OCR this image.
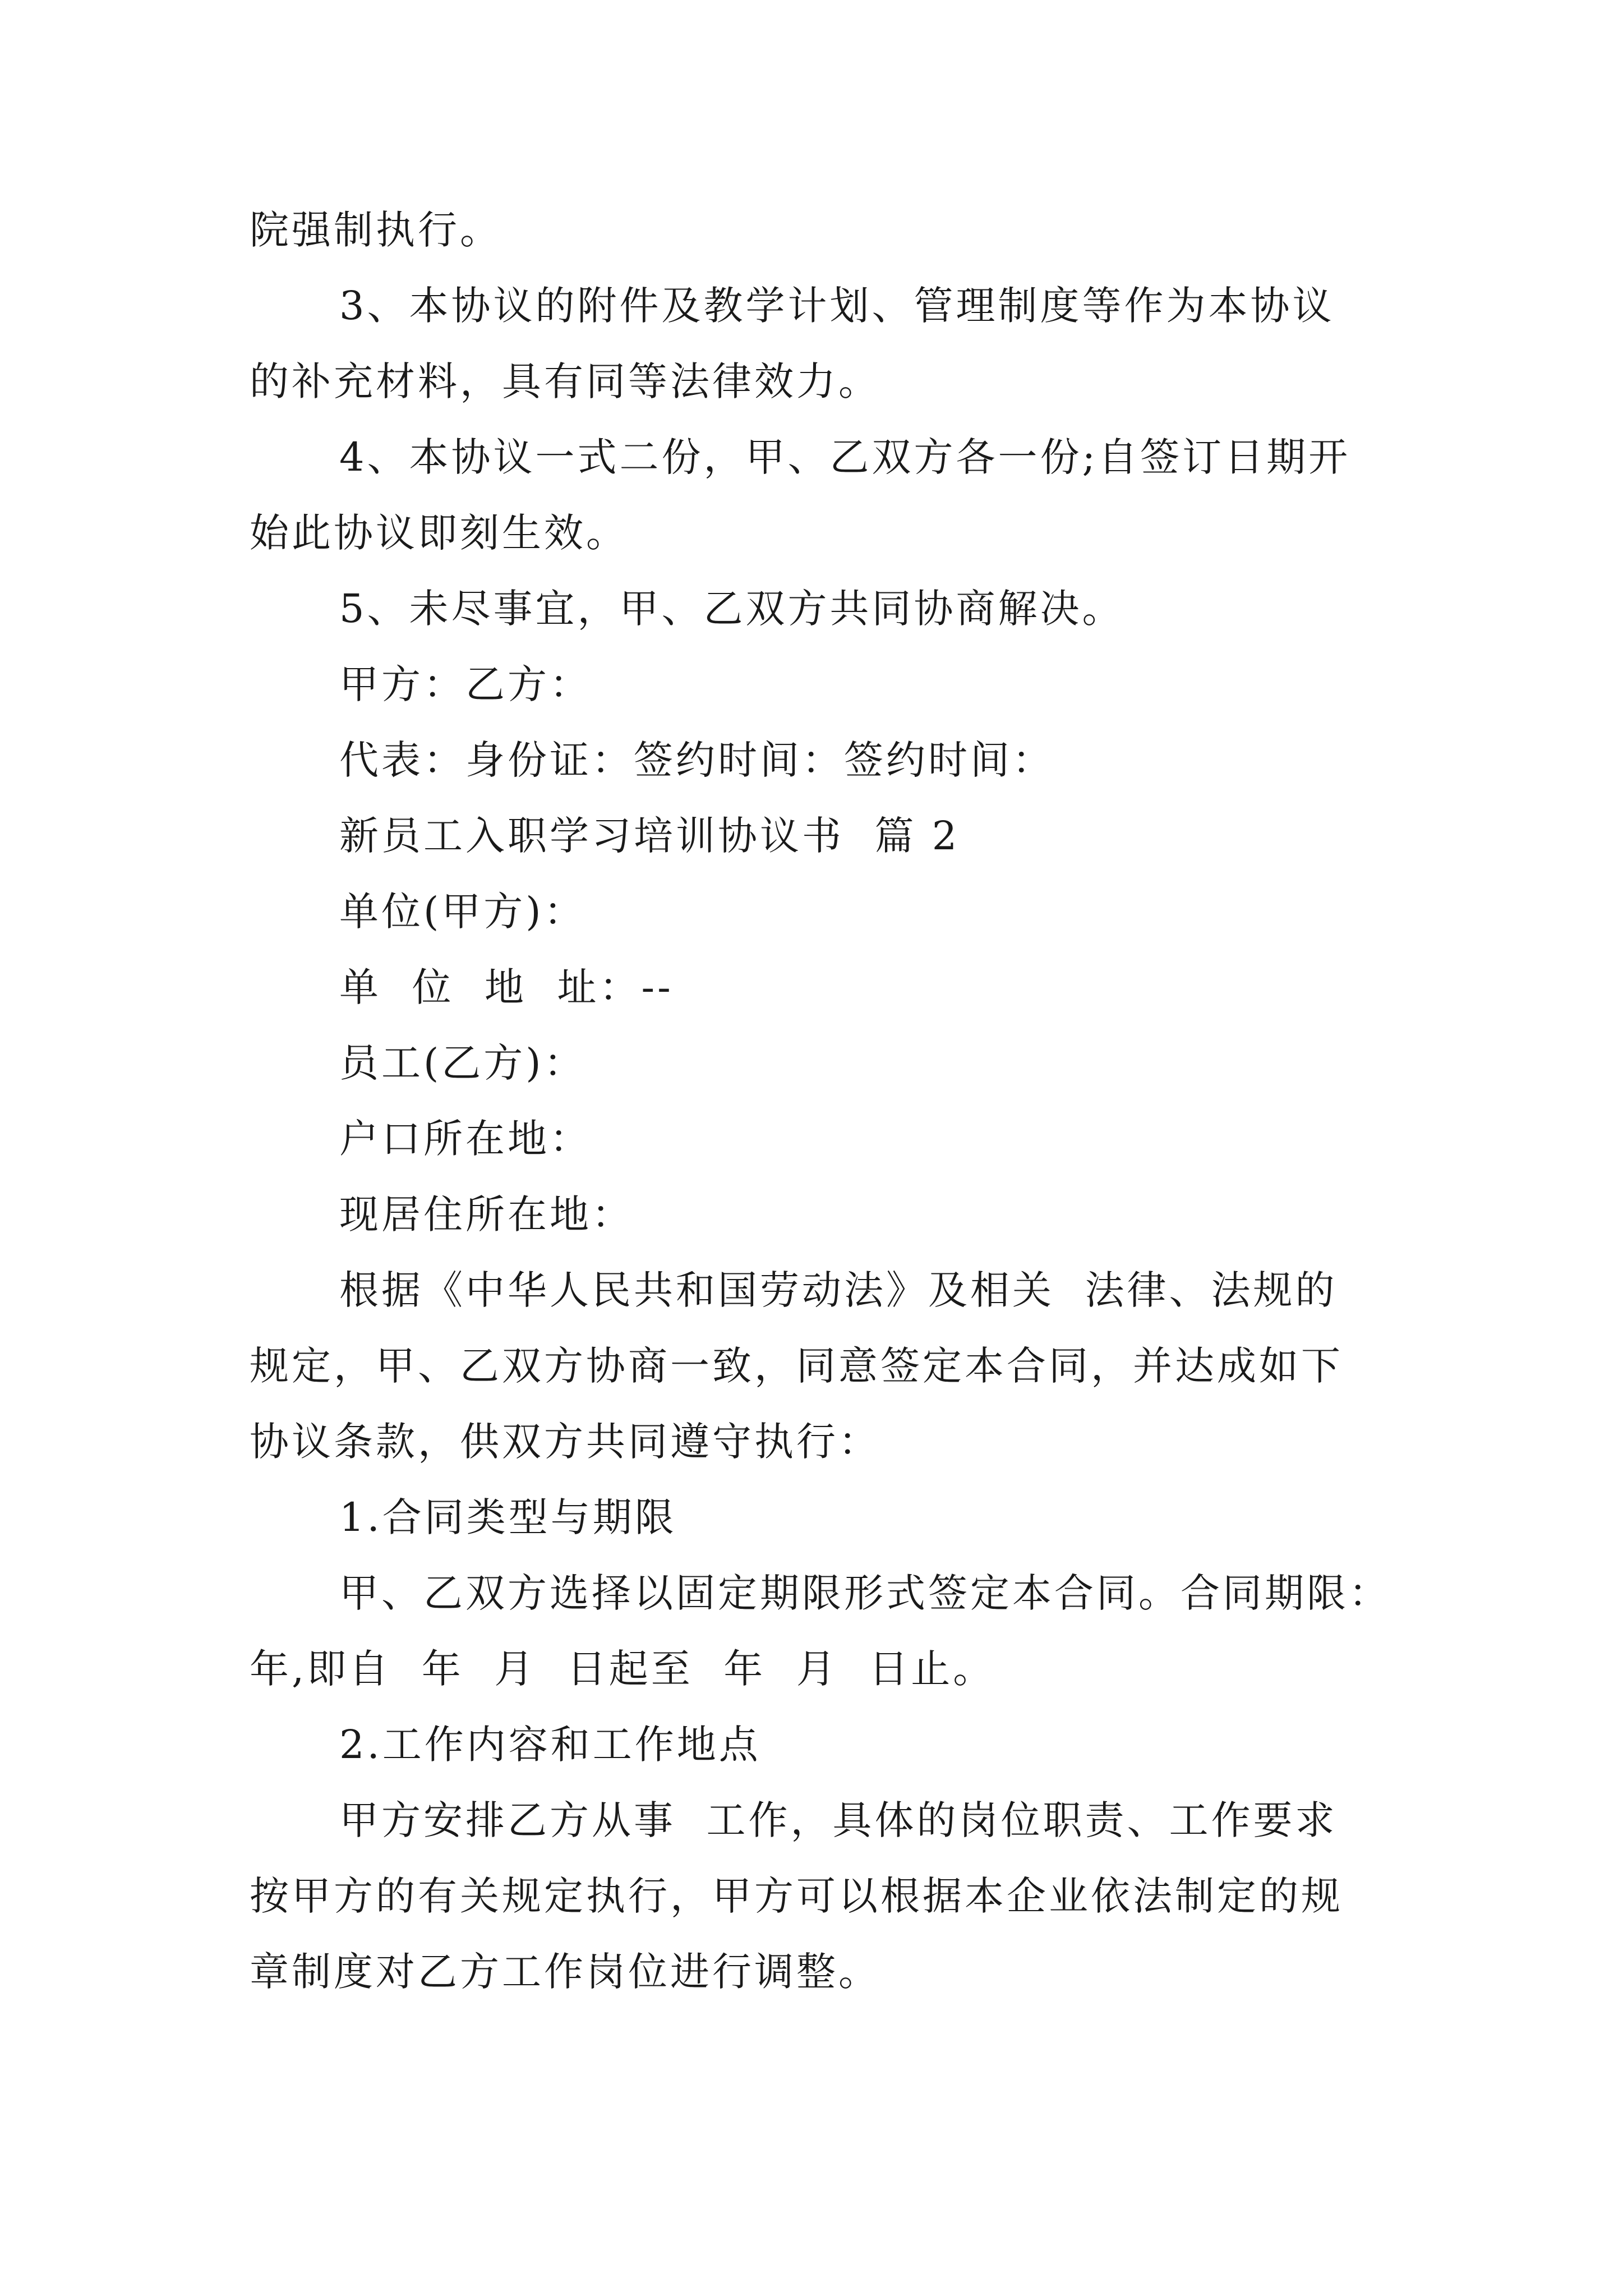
院强制执行。
3、本协议的附件及教学计划、管理制度等作为本协议
的补充材料，具有同等法律效力。
4、本协议一式二份，甲、乙双方各一份;自签订日期开
始此协议即刻生效。
5、未尽事宜，甲、乙双方共同协商解决。
甲方：乙方：
代表：身份证：签约时间：签约时间：
新员工入职学习培训协议书  篇 2
单位(甲方)：
单  位  地  址：--
员工(乙方)：
户口所在地：
现居住所在地：
根据《中华人民共和国劳动法》及相关  法律、法规的
规定，甲、乙双方协商一致，同意签定本合同，并达成如下
协议条款，供双方共同遵守执行：
1.合同类型与期限
甲、乙双方选择以固定期限形式签定本合同。合同期限：
年,即自  年  月  日起至  年  月  日止。
2.工作内容和工作地点
甲方安排乙方从事  工作，具体的岗位职责、工作要求
按甲方的有关规定执行，甲方可以根据本企业依法制定的规
章制度对乙方工作岗位进行调整。
